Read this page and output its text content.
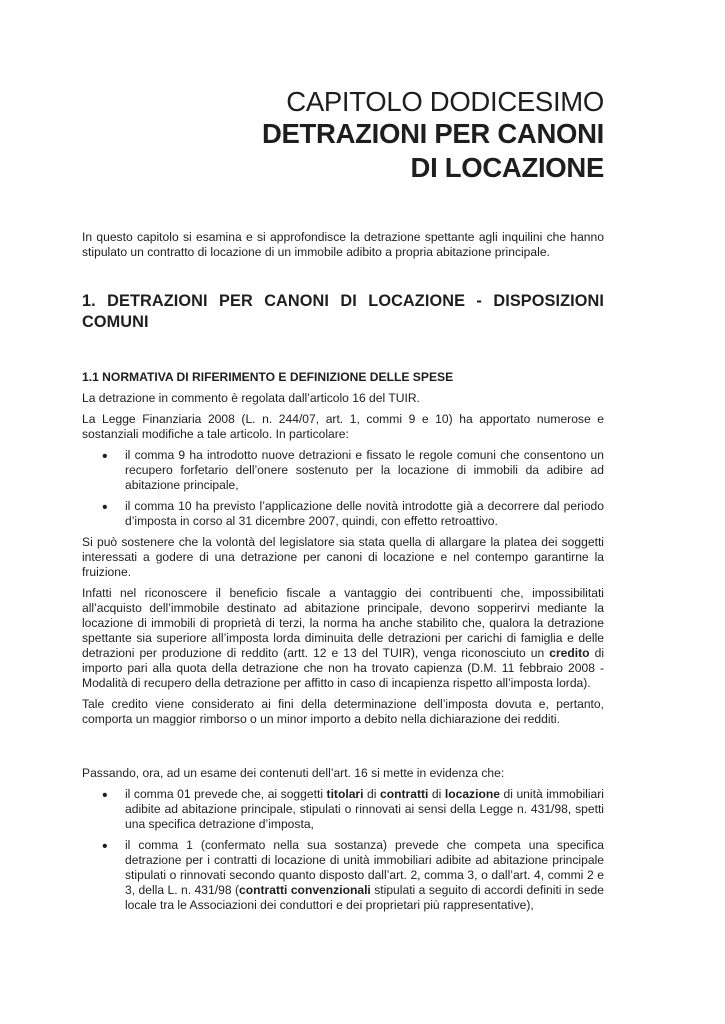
CAPITOLO DODICESIMO
DETRAZIONI PER CANONI
DI LOCAZIONE

In questo capitolo si esamina e si approfondisce la detrazione spettante agli inquilini che hanno stipulato un contratto di locazione di un immobile adibito a propria abitazione principale.

1. DETRAZIONI PER CANONI DI LOCAZIONE - DISPOSIZIONI COMUNI
1.1 NORMATIVA DI RIFERIMENTO E DEFINIZIONE DELLE SPESE

La detrazione in commento è regolata dall’articolo 16 del TUIR.

La Legge Finanziaria 2008 (L. n. 244/07, art. 1, commi 9 e 10) ha apportato numerose e sostanziali modifiche a tale articolo. In particolare:

• il comma 9 ha introdotto nuove detrazioni e fissato le regole comuni che consentono un recupero forfetario dell’onere sostenuto per la locazione di immobili da adibire ad abitazione principale,

• il comma 10 ha previsto l’applicazione delle novità introdotte già a decorrere dal periodo d’imposta in corso al 31 dicembre 2007, quindi, con effetto retroattivo.

Si può sostenere che la volontà del legislatore sia stata quella di allargare la platea dei soggetti interessati a godere di una detrazione per canoni di locazione e nel contempo garantirne la fruizione.

Infatti nel riconoscere il beneficio fiscale a vantaggio dei contribuenti che, impossibilitati all’acquisto dell’immobile destinato ad abitazione principale, devono sopperirvi mediante la locazione di immobili di proprietà di terzi, la norma ha anche stabilito che, qualora la detrazione spettante sia superiore all’imposta lorda diminuita delle detrazioni per carichi di famiglia e delle detrazioni per produzione di reddito (artt. 12 e 13 del TUIR), venga riconosciuto un credito di importo pari alla quota della detrazione che non ha trovato capienza (D.M. 11 febbraio 2008 - Modalità di recupero della detrazione per affitto in caso di incapienza rispetto all’imposta lorda).

Tale credito viene considerato ai fini della determinazione dell’imposta dovuta e, pertanto, comporta un maggior rimborso o un minor importo a debito nella dichiarazione dei redditi.

Passando, ora, ad un esame dei contenuti dell’art. 16 si mette in evidenza che:

• il comma 01 prevede che, ai soggetti titolari di contratti di locazione di unità immobiliari adibite ad abitazione principale, stipulati o rinnovati ai sensi della Legge n. 431/98, spetti una specifica detrazione d’imposta,

• il comma 1 (confermato nella sua sostanza) prevede che competa una specifica detrazione per i contratti di locazione di unità immobiliari adibite ad abitazione principale stipulati o rinnovati secondo quanto disposto dall’art. 2, comma 3, o dall’art. 4, commi 2 e 3, della L. n. 431/98 (contratti convenzionali stipulati a seguito di accordi definiti in sede locale tra le Associazioni dei conduttori e dei proprietari più rappresentative),
